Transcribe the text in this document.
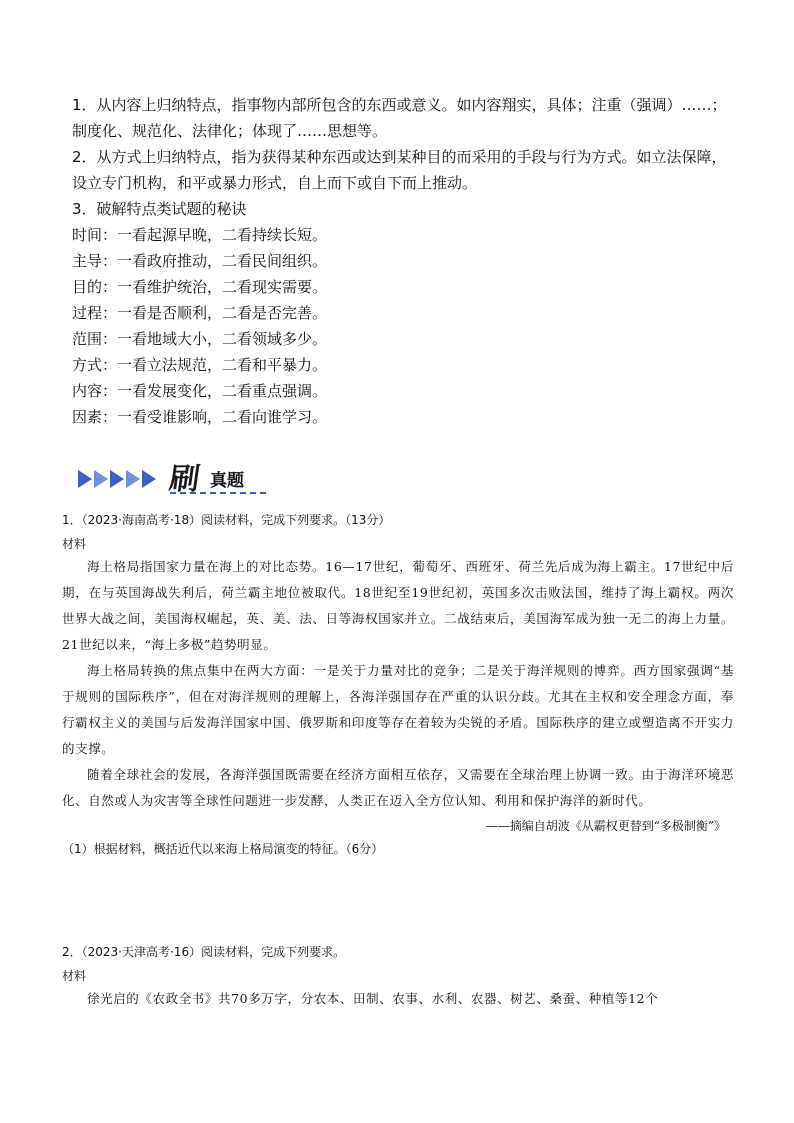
1．从内容上归纳特点，指事物内部所包含的东西或意义。如内容翔实，具体；注重（强调）……；制度化、规范化、法律化；体现了……思想等。

2．从方式上归纳特点，指为获得某种东西或达到某种目的而采用的手段与行为方式。如立法保障，设立专门机构，和平或暴力形式，自上而下或自下而上推动。

3．破解特点类试题的秘诀

时间：一看起源早晚，二看持续长短。

主导：一看政府推动，二看民间组织。

目的：一看维护统治，二看现实需要。

过程：一看是否顺利，二看是否完善。

范围：一看地域大小，二看领域多少。

方式：一看立法规范，二看和平暴力。

内容：一看发展变化，二看重点强调。

因素：一看受谁影响，二看向谁学习。

刷 真题

1．（2023·海南高考·18）阅读材料，完成下列要求。（13分）

材料

海上格局指国家力量在海上的对比态势。16—17世纪，葡萄牙、西班牙、荷兰先后成为海上霸主。17世纪中后期，在与英国海战失利后，荷兰霸主地位被取代。18世纪至19世纪初，英国多次击败法国，维持了海上霸权。两次世界大战之间，美国海权崛起，英、美、法、日等海权国家并立。二战结束后，美国海军成为独一无二的海上力量。21世纪以来，“海上多极”趋势明显。

海上格局转换的焦点集中在两大方面：一是关于力量对比的竞争；二是关于海洋规则的博弈。西方国家强调“基于规则的国际秩序”，但在对海洋规则的理解上，各海洋强国存在严重的认识分歧。尤其在主权和安全理念方面，奉行霸权主义的美国与后发海洋国家中国、俄罗斯和印度等存在着较为尖锐的矛盾。国际秩序的建立或塑造离不开实力的支撑。

随着全球社会的发展，各海洋强国既需要在经济方面相互依存，又需要在全球治理上协调一致。由于海洋环境恶化、自然或人为灾害等全球性问题进一步发酵，人类正在迈入全方位认知、利用和保护海洋的新时代。

——摘编自胡波《从霸权更替到“多极制衡”》

（1）根据材料，概括近代以来海上格局演变的特征。（6分）

2．（2023·天津高考·16）阅读材料，完成下列要求。

材料

徐光启的《农政全书》共70多万字，分农本、田制、农事、水利、农器、树艺、桑蚕、种植等12个
